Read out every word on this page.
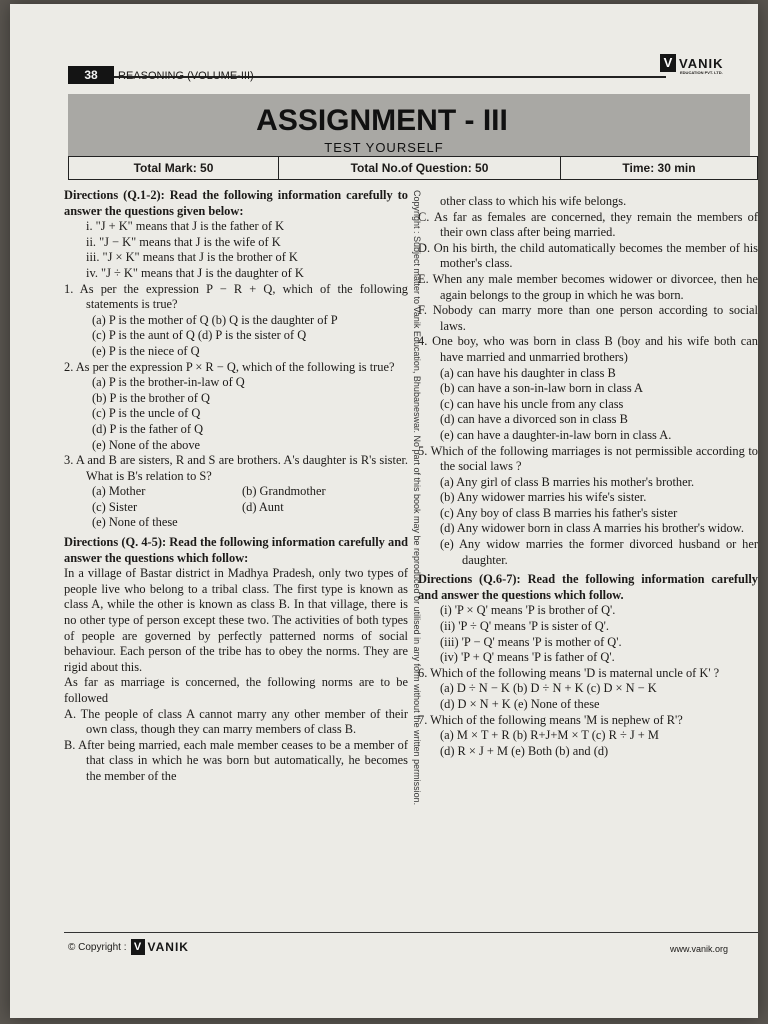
38	REASONING (VOLUME-III)
V VANIK
EDUCATION PVT. LTD.
ASSIGNMENT - III
TEST YOURSELF
Total Mark: 50	Total No.of Question: 50	Time: 30 min
Directions (Q.1-2): Read the following information carefully to answer the questions given below:
i. "J + K" means that J is the father of K
ii. "J − K" means that J is the wife of K
iii. "J × K" means that J is the brother of K
iv. "J ÷ K" means that J is the daughter of K
1. As per the expression P − R + Q, which of the following statements is true?
(a) P is the mother of Q (b) Q is the daughter of P
(c) P is the aunt of Q (d) P is the sister of Q
(e) P is the niece of Q
2. As per the expression P × R − Q, which of the following is true?
(a) P is the brother-in-law of Q
(b) P is the brother of Q
(c) P is the uncle of Q
(d) P is the father of Q
(e) None of the above
3. A and B are sisters, R and S are brothers. A's daughter is R's sister. What is B's relation to S?
(a) Mother	(b) Grandmother
(c) Sister	(d) Aunt
(e) None of these
Directions (Q. 4-5): Read the following information carefully and answer the questions which follow:
In a village of Bastar district in Madhya Pradesh, only two types of people live who belong to a tribal class. The first type is known as class A, while the other is known as class B. In that village, there is no other type of person except these two. The activities of both types of people are governed by perfectly patterned norms of social behaviour. Each person of the tribe has to obey the norms. They are rigid about this.
As far as marriage is concerned, the following norms are to be followed
A. The people of class A cannot marry any other member of their own class, though they can marry members of class B.
B. After being married, each male member ceases to be a member of that class in which he was born but automatically, he becomes the member of the	Copyright : Subject matter to Vanik Education, Bhubaneswar. No part of this book may be reproduced or utilised in any form without the written permission.	other class to which his wife belongs.
C. As far as females are concerned, they remain the members of their own class after being married.
D. On his birth, the child automatically becomes the member of his mother's class.
E. When any male member becomes widower or divorcee, then he again belongs to the group in which he was born.
F. Nobody can marry more than one person according to social laws.
4. One boy, who was born in class B (boy and his wife both can have married and unmarried brothers)
(a) can have his daughter in class B
(b) can have a son-in-law born in class A
(c) can have his uncle from any class
(d) can have a divorced son in class B
(e) can have a daughter-in-law born in class A.
5. Which of the following marriages is not permissible according to the social laws ?
(a) Any girl of class B marries his mother's brother.
(b) Any widower marries his wife's sister.
(c) Any boy of class B marries his father's sister
(d) Any widower born in class A marries his brother's widow.
(e) Any widow marries the former divorced husband or her daughter.
Directions (Q.6-7): Read the following information carefully and answer the questions which follow.
(i) 'P × Q' means 'P is brother of Q'.
(ii) 'P ÷ Q' means 'P is sister of Q'.
(iii) 'P − Q' means 'P is mother of Q'.
(iv) 'P + Q' means 'P is father of Q'.
6. Which of the following means 'D is maternal uncle of K' ?
(a) D ÷ N − K (b) D ÷ N + K (c) D × N − K
(d) D × N + K (e) None of these
7. Which of the following means 'M is nephew of R'?
(a) M × T + R (b) R+J+M × T (c) R ÷ J + M
(d) R × J + M (e) Both (b) and (d)
© Copyright : V VANIK	www.vanik.org
